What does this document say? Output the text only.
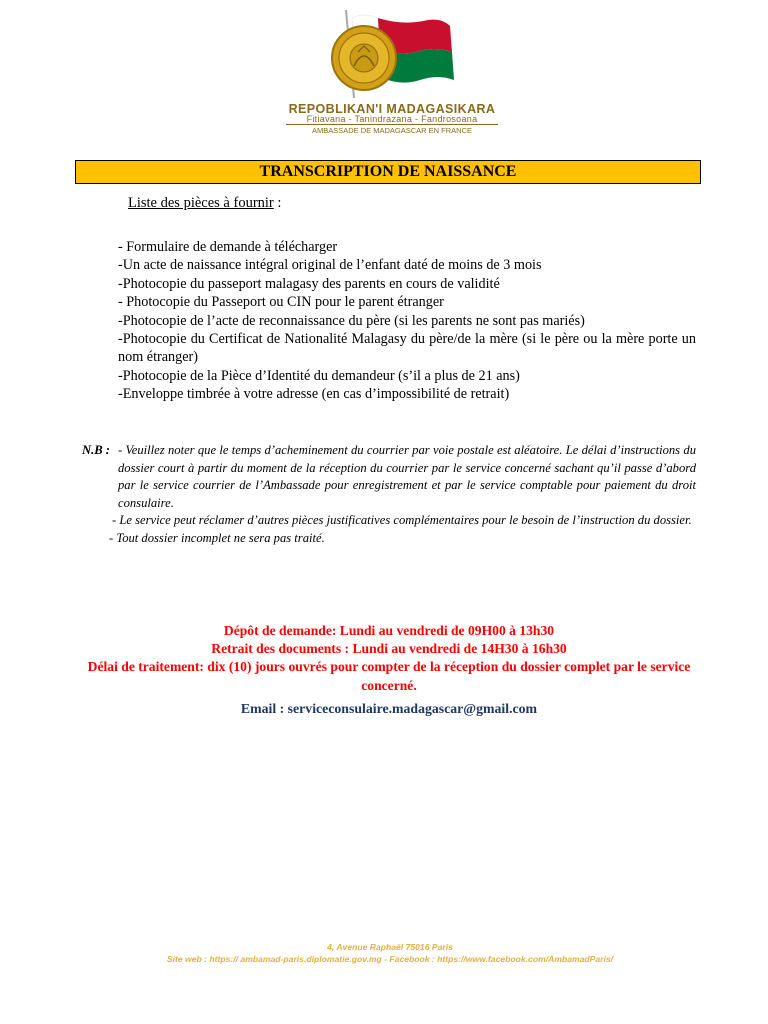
REPOBLIKAN'I MADAGASIKARA
Fitiavana - Tanindrazana - Fandrosoana
AMBASSADE DE MADAGASCAR EN FRANCE
TRANSCRIPTION DE NAISSANCE
Liste des pièces à fournir :
- Formulaire de demande à télécharger
-Un acte de naissance intégral original de l’enfant daté de moins de 3 mois
-Photocopie du passeport malagasy des parents en cours de validité
- Photocopie du Passeport ou CIN pour le parent étranger
-Photocopie de l’acte de reconnaissance du père (si les parents ne sont pas mariés)
-Photocopie du Certificat de Nationalité Malagasy du père/de la mère (si le père ou la mère porte un nom étranger)
-Photocopie de la Pièce d’Identité du demandeur (s’il a plus de 21 ans)
-Enveloppe timbrée à votre adresse (en cas d’impossibilité de retrait)
N.B : - Veuillez noter que le temps d’acheminement du courrier par voie postale est aléatoire. Le délai d’instructions du dossier court à partir du moment de la réception du courrier par le service concerné sachant qu’il passe d’abord par le service courrier de l’Ambassade pour enregistrement et par le service comptable pour paiement du droit consulaire.
- Le service peut réclamer d’autres pièces justificatives complémentaires pour le besoin de l’instruction du dossier.
- Tout dossier incomplet ne sera pas traité.
Dépôt de demande: Lundi au vendredi de 09H00 à 13h30
Retrait des documents : Lundi au vendredi de 14H30 à 16h30
Délai de traitement: dix (10) jours ouvrés pour compter de la réception du dossier complet par le service concerné.
Email : serviceconsulaire.madagascar@gmail.com
4, Avenue Raphaël 75016 Paris
Site web : https:// ambamad-paris.diplomatie.gov.mg - Facebook : https://www.facebook.com/AmbamadParis/
